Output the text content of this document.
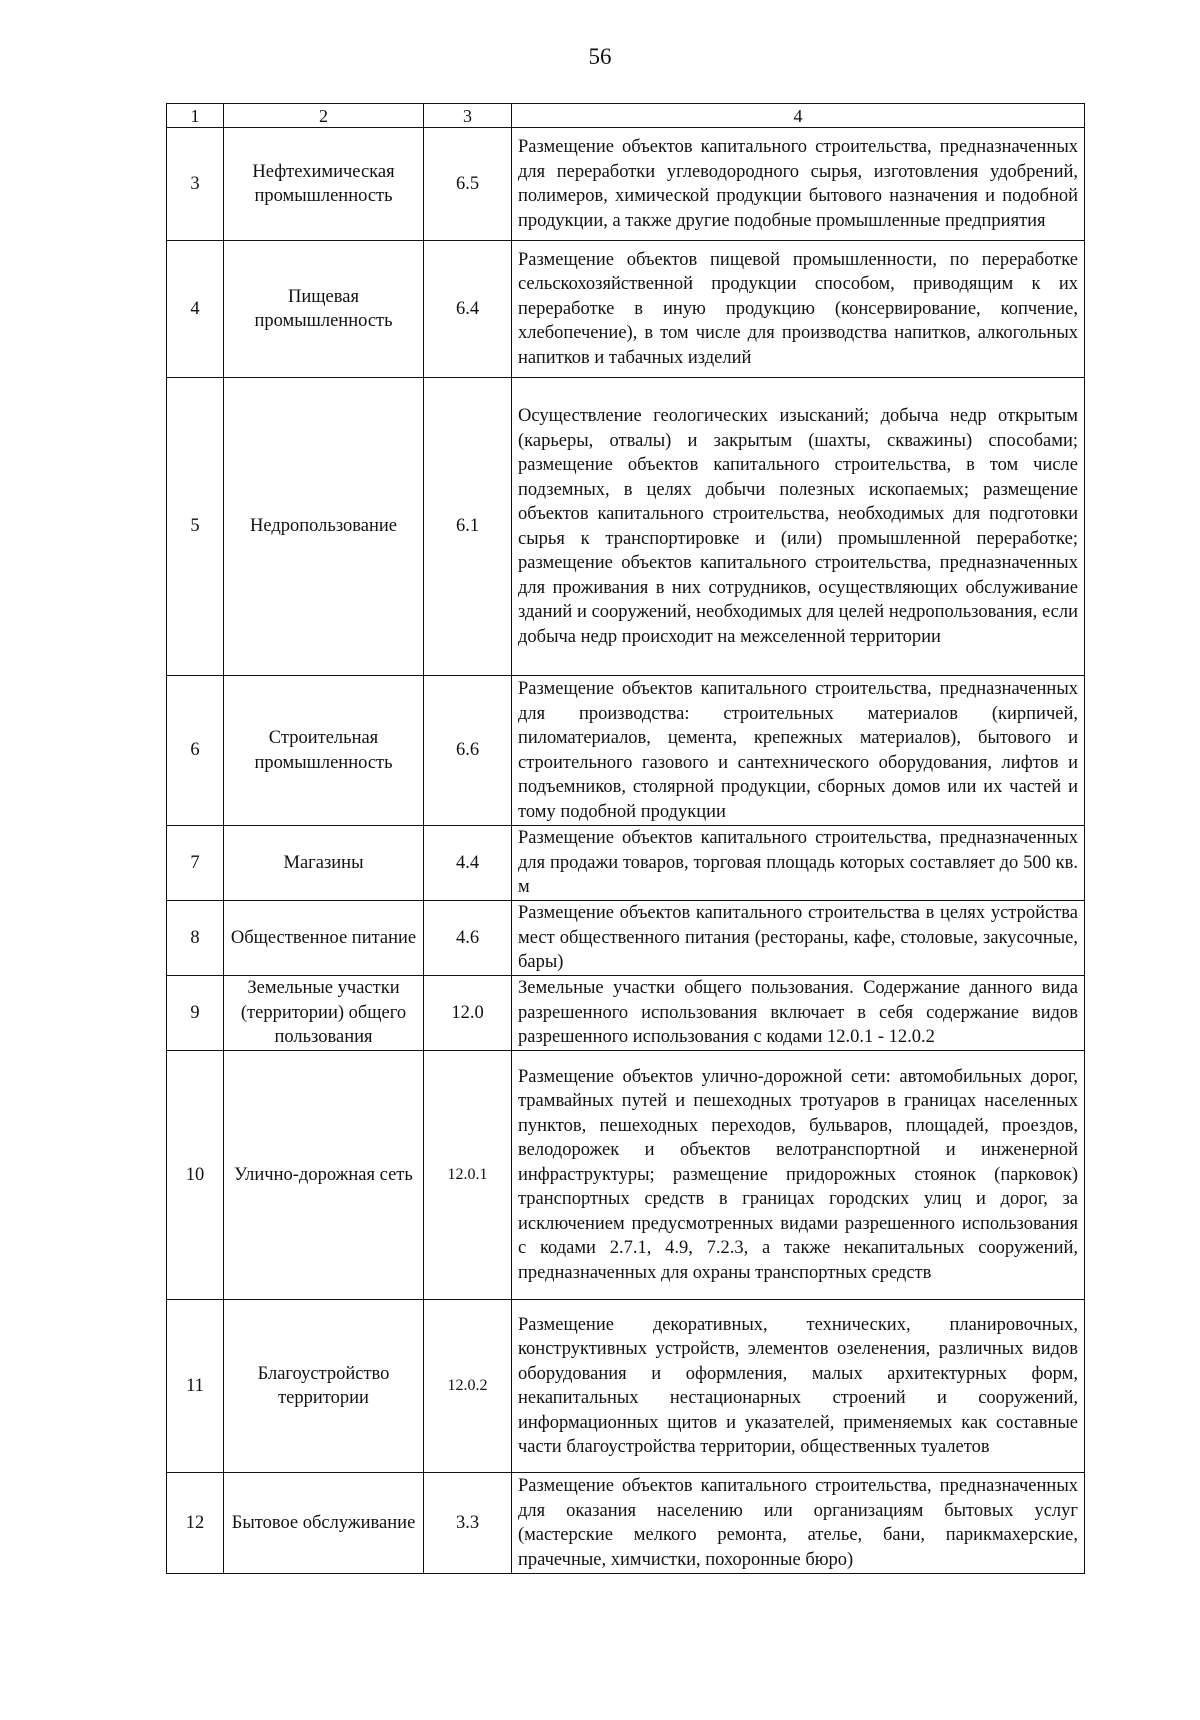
56
1	2	3	4
3	Нефтехимическая промышленность	6.5	Размещение объектов капитального строительства, предназначенных для переработки углеводородного сырья, изготовления удобрений, полимеров, химической продукции бытового назначения и подобной продукции, а также другие подобные промышленные предприятия
4	Пищевая промышленность	6.4	Размещение объектов пищевой промышленности, по переработке сельскохозяйственной продукции способом, приводящим к их переработке в иную продукцию (консервирование, копчение, хлебопечение), в том числе для производства напитков, алкогольных напитков и табачных изделий
5	Недропользование	6.1	Осуществление геологических изысканий; добыча недр открытым (карьеры, отвалы) и закрытым (шахты, скважины) способами; размещение объектов капитального строительства, в том числе подземных, в целях добычи полезных ископаемых; размещение объектов капитального строительства, необходимых для подготовки сырья к транспортировке и (или) промышленной переработке; размещение объектов капитального строительства, предназначенных для проживания в них сотрудников, осуществляющих обслуживание зданий и сооружений, необходимых для целей недропользования, если добыча недр происходит на межселенной территории
6	Строительная промышленность	6.6	Размещение объектов капитального строительства, предназначенных для производства: строительных материалов (кирпичей, пиломатериалов, цемента, крепежных материалов), бытового и строительного газового и сантехнического оборудования, лифтов и подъемников, столярной продукции, сборных домов или их частей и тому подобной продукции
7	Магазины	4.4	Размещение объектов капитального строительства, предназначенных для продажи товаров, торговая площадь которых составляет до 500 кв. м
8	Общественное питание	4.6	Размещение объектов капитального строительства в целях устройства мест общественного питания (рестораны, кафе, столовые, закусочные, бары)
9	Земельные участки (территории) общего пользования	12.0	Земельные участки общего пользования. Содержание данного вида разрешенного использования включает в себя содержание видов разрешенного использования с кодами 12.0.1 - 12.0.2
10	Улично-дорожная сеть	12.0.1	Размещение объектов улично-дорожной сети: автомобильных дорог, трамвайных путей и пешеходных тротуаров в границах населенных пунктов, пешеходных переходов, бульваров, площадей, проездов, велодорожек и объектов велотранспортной и инженерной инфраструктуры; размещение придорожных стоянок (парковок) транспортных средств в границах городских улиц и дорог, за исключением предусмотренных видами разрешенного использования с кодами 2.7.1, 4.9, 7.2.3, а также некапитальных сооружений, предназначенных для охраны транспортных средств
11	Благоустройство территории	12.0.2	Размещение декоративных, технических, планировочных, конструктивных устройств, элементов озеленения, различных видов оборудования и оформления, малых архитектурных форм, некапитальных нестационарных строений и сооружений, информационных щитов и указателей, применяемых как составные части благоустройства территории, общественных туалетов
12	Бытовое обслуживание	3.3	Размещение объектов капитального строительства, предназначенных для оказания населению или организациям бытовых услуг (мастерские мелкого ремонта, ателье, бани, парикмахерские, прачечные, химчистки, похоронные бюро)
